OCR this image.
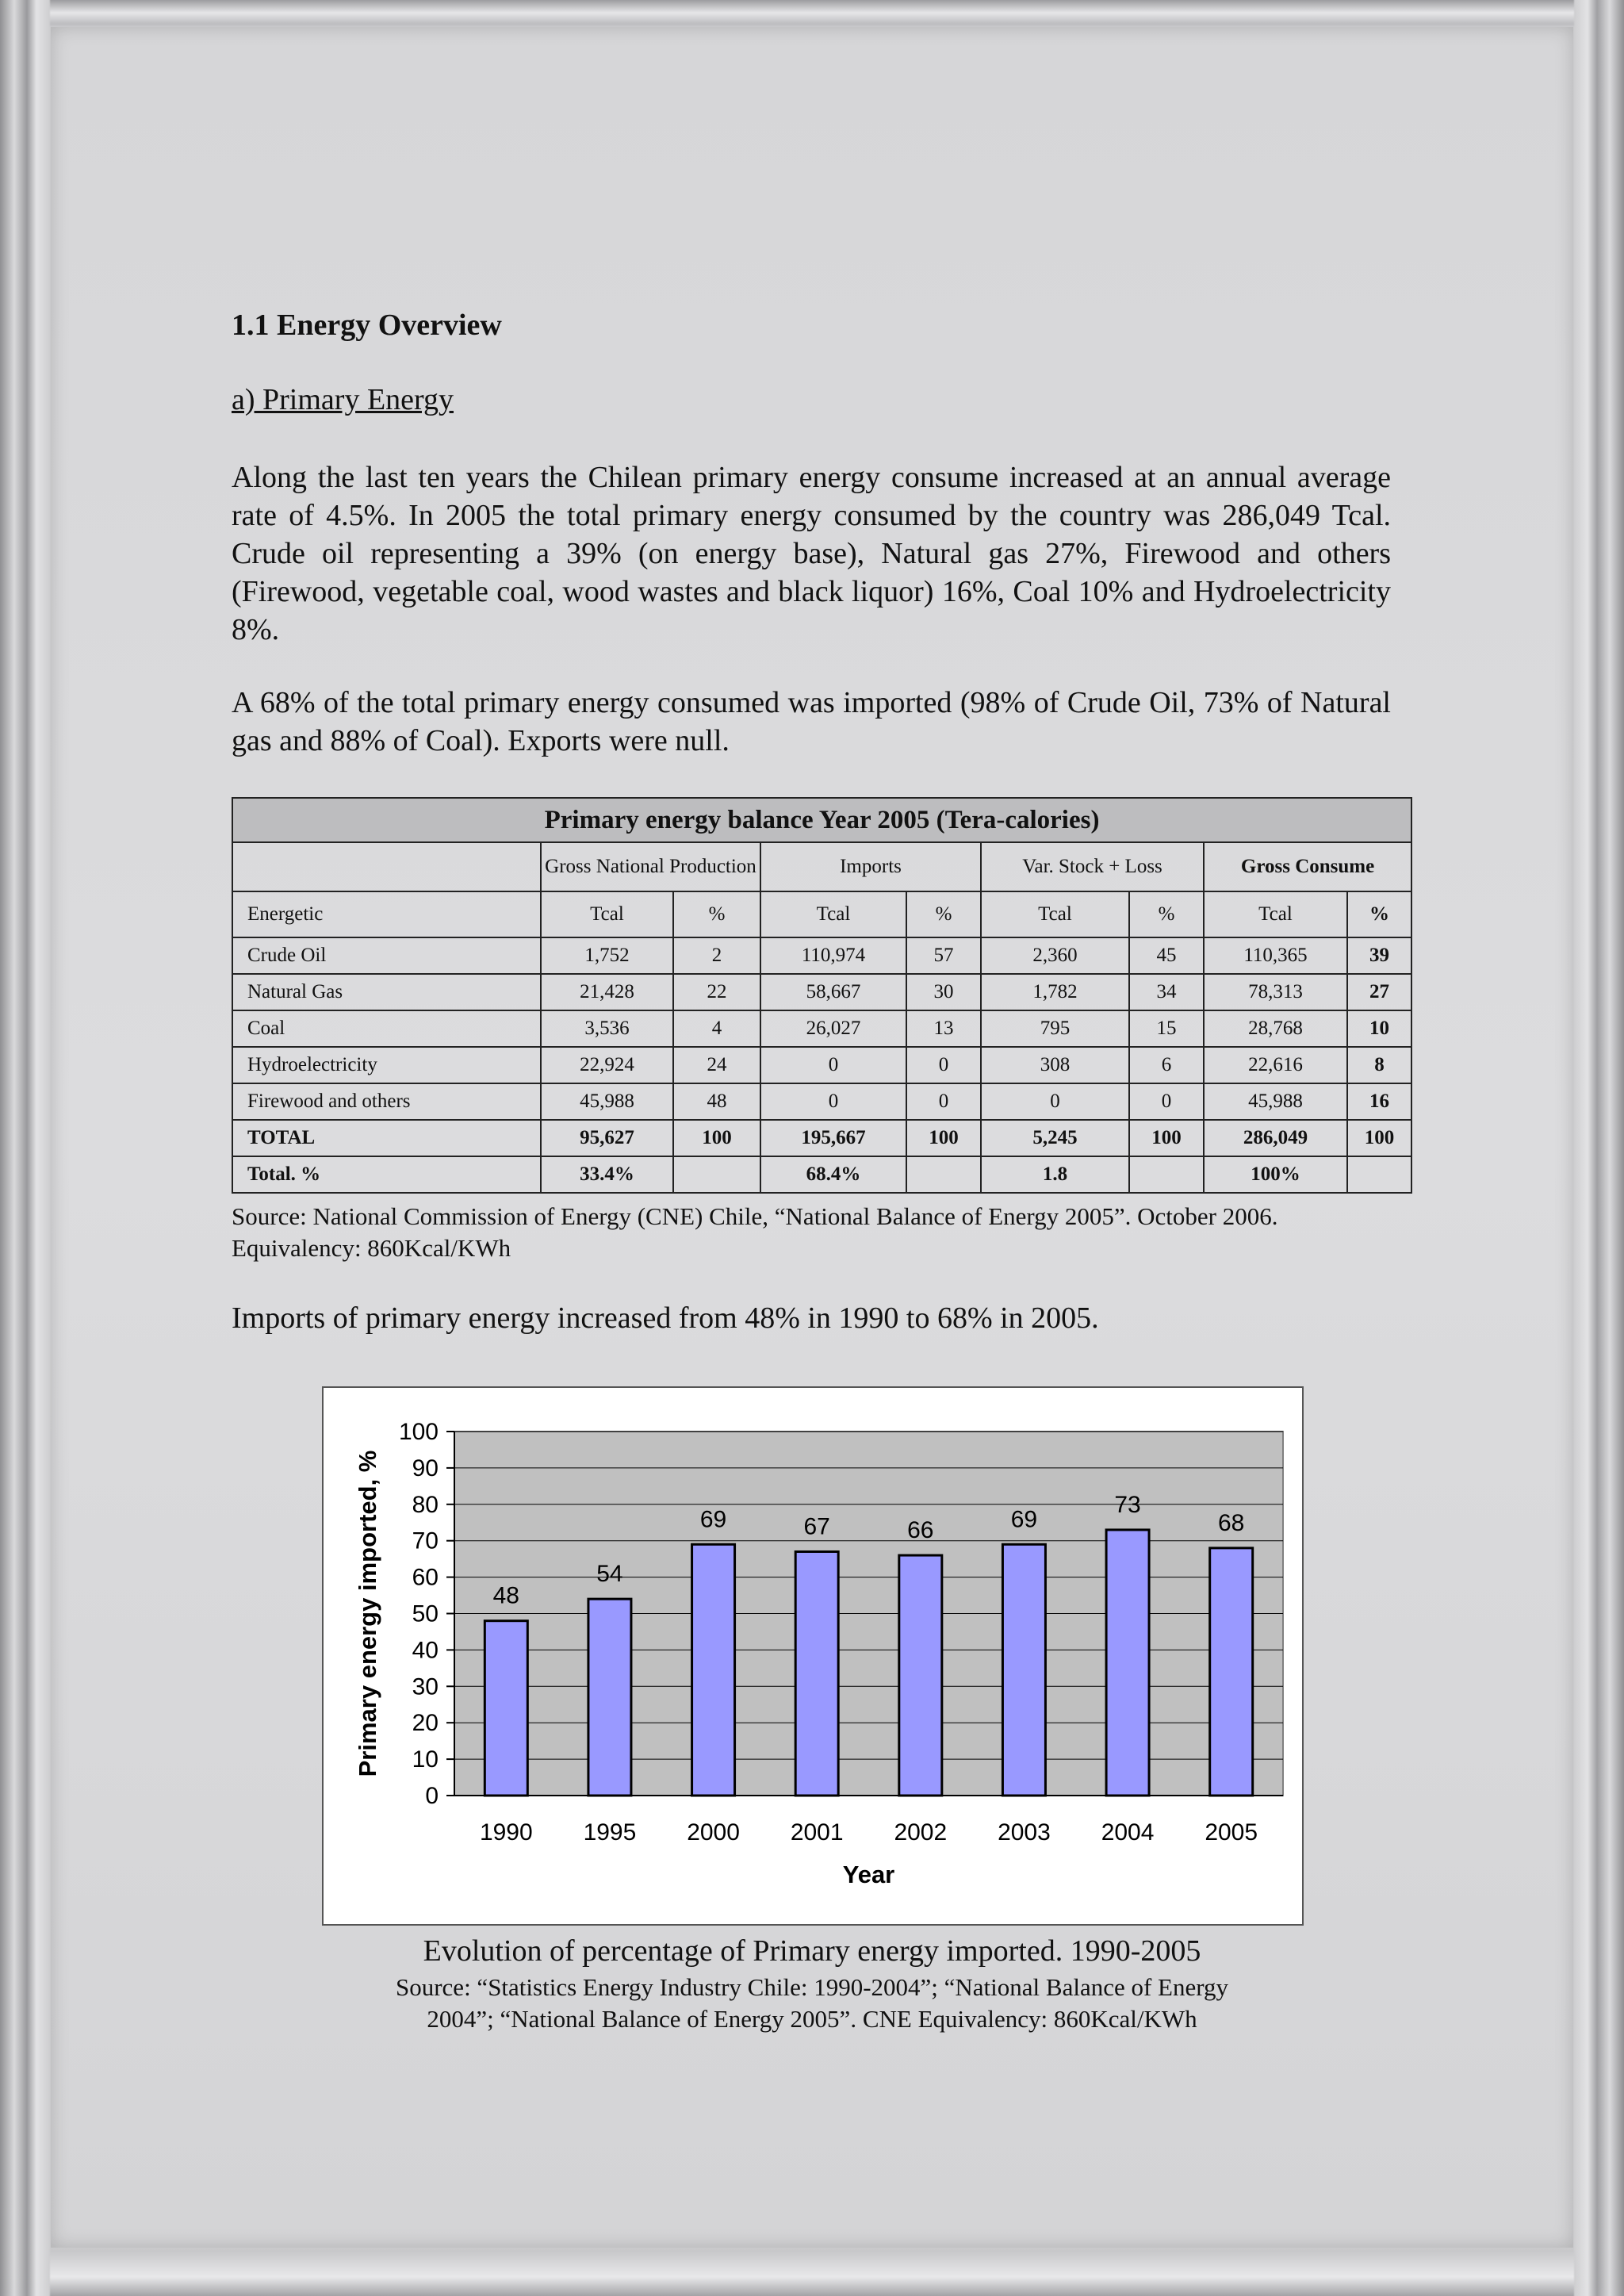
1.1 Energy Overview
a) Primary Energy
Along the last ten years the Chilean primary energy consume increased at an annual average rate of 4.5%. In 2005 the total primary energy consumed by the country was 286,049 Tcal. Crude oil representing a 39% (on energy base), Natural gas 27%, Firewood and others (Firewood, vegetable coal, wood wastes and black liquor) 16%, Coal 10% and Hydroelectricity 8%.
A 68% of the total primary energy consumed was imported (98% of Crude Oil, 73% of Natural gas and 88% of Coal). Exports were null.
Primary energy balance Year 2005 (Tera-calories)								
	Gross National Production		Imports		Var. Stock + Loss		Gross Consume	
Energetic	Tcal	%	Tcal	%	Tcal	%	Tcal	%
Crude Oil	1,752	2	110,974	57	2,360	45	110,365	39
Natural Gas	21,428	22	58,667	30	1,782	34	78,313	27
Coal	3,536	4	26,027	13	795	15	28,768	10
Hydroelectricity	22,924	24	0	0	308	6	22,616	8
Firewood and others	45,988	48	0	0	0	0	45,988	16
TOTAL	95,627	100	195,667	100	5,245	100	286,049	100
Total. %	33.4%		68.4%		1.8		100%	
Source: National Commission of Energy (CNE) Chile, “National Balance of Energy 2005”. October 2006. Equivalency: 860Kcal/KWh
Imports of primary energy increased from 48% in 1990 to 68% in 2005.
0
10
20
30
40
50
60
70
80
90
100
48
1990
54
1995
69
2000
67
2001
66
2002
69
2003
73
2004
68
2005
Year
Primary energy imported, %
Evolution of percentage of Primary energy imported. 1990-2005
Source: “Statistics Energy Industry Chile: 1990-2004”; “National Balance of Energy
2004”; “National Balance of Energy 2005”. CNE Equivalency: 860Kcal/KWh
